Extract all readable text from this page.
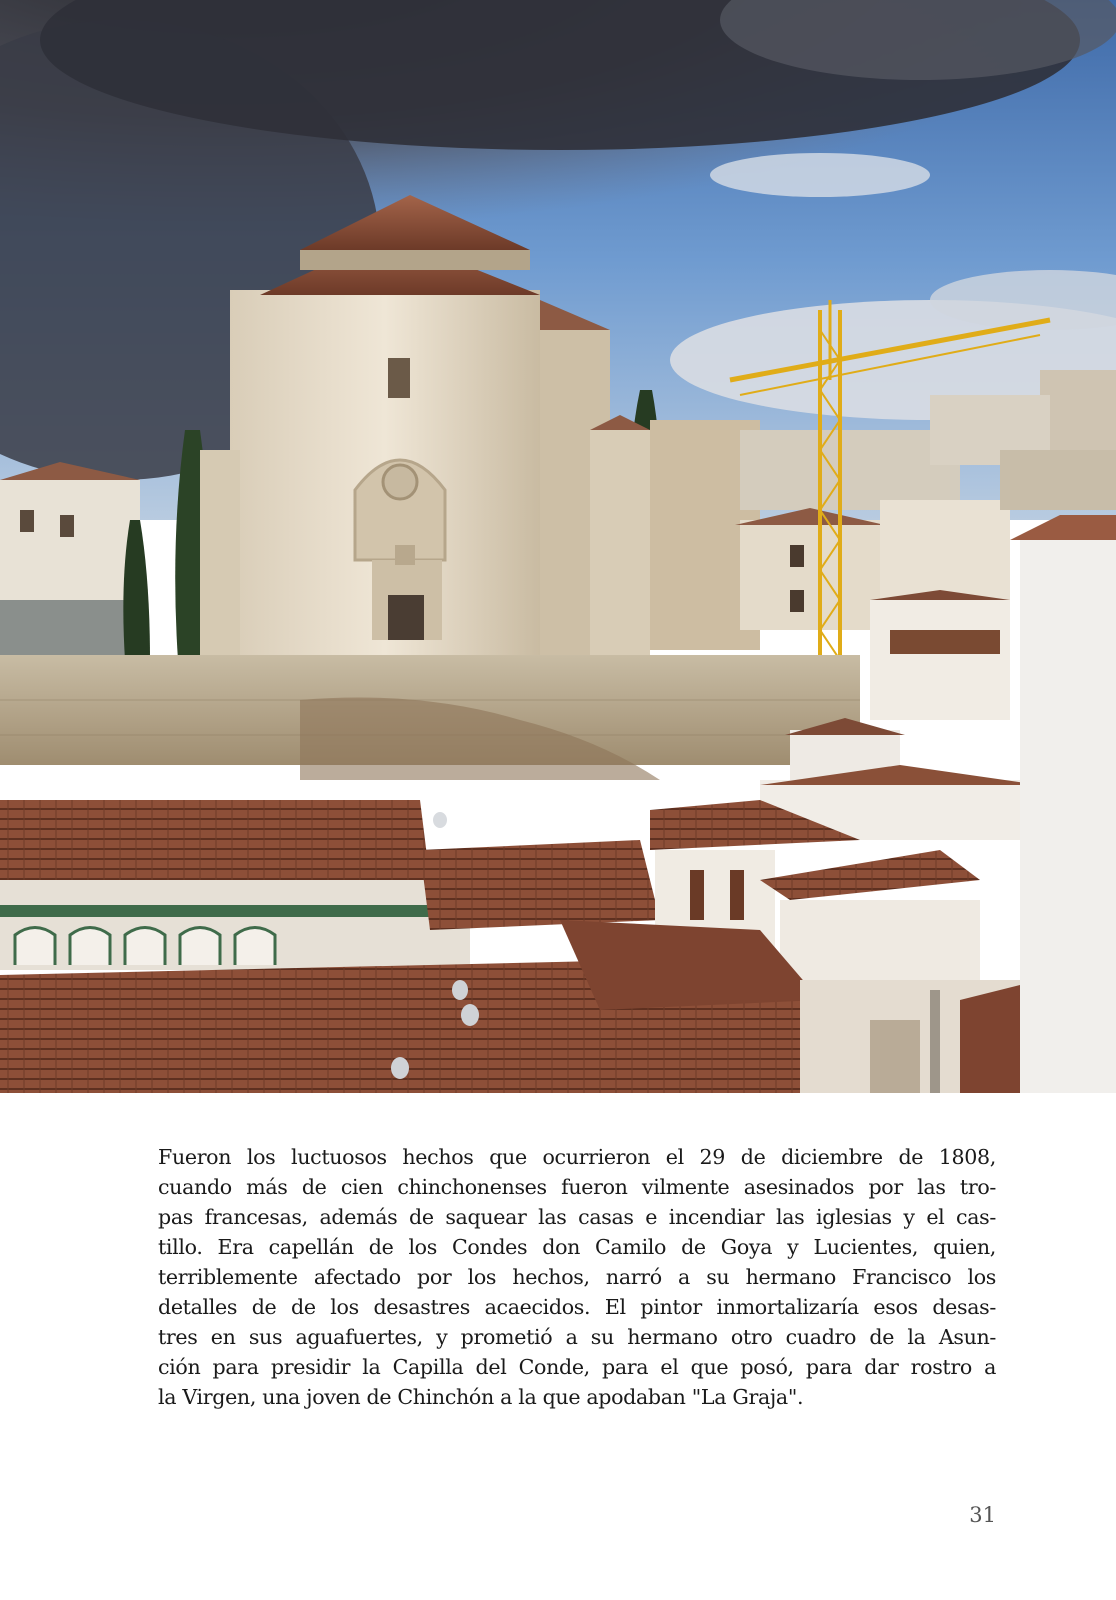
Fueron los luctuosos hechos que ocurrieron el 29 de diciembre de 1808,
cuando más de cien chinchonenses fueron vilmente asesinados por las tro-
pas francesas, además de saquear las casas e incendiar las iglesias y el cas-
tillo. Era capellán de los Condes don Camilo de Goya y Lucientes, quien,
terriblemente afectado por los hechos, narró a su hermano Francisco los
detalles de de los desastres acaecidos. El pintor inmortalizaría esos desas-
tres en sus aguafuertes, y prometió a su hermano otro cuadro de la Asun-
ción para presidir la Capilla del Conde, para el que posó, para dar rostro a
la Virgen, una joven de Chinchón a la que apodaban "La Graja".
31
